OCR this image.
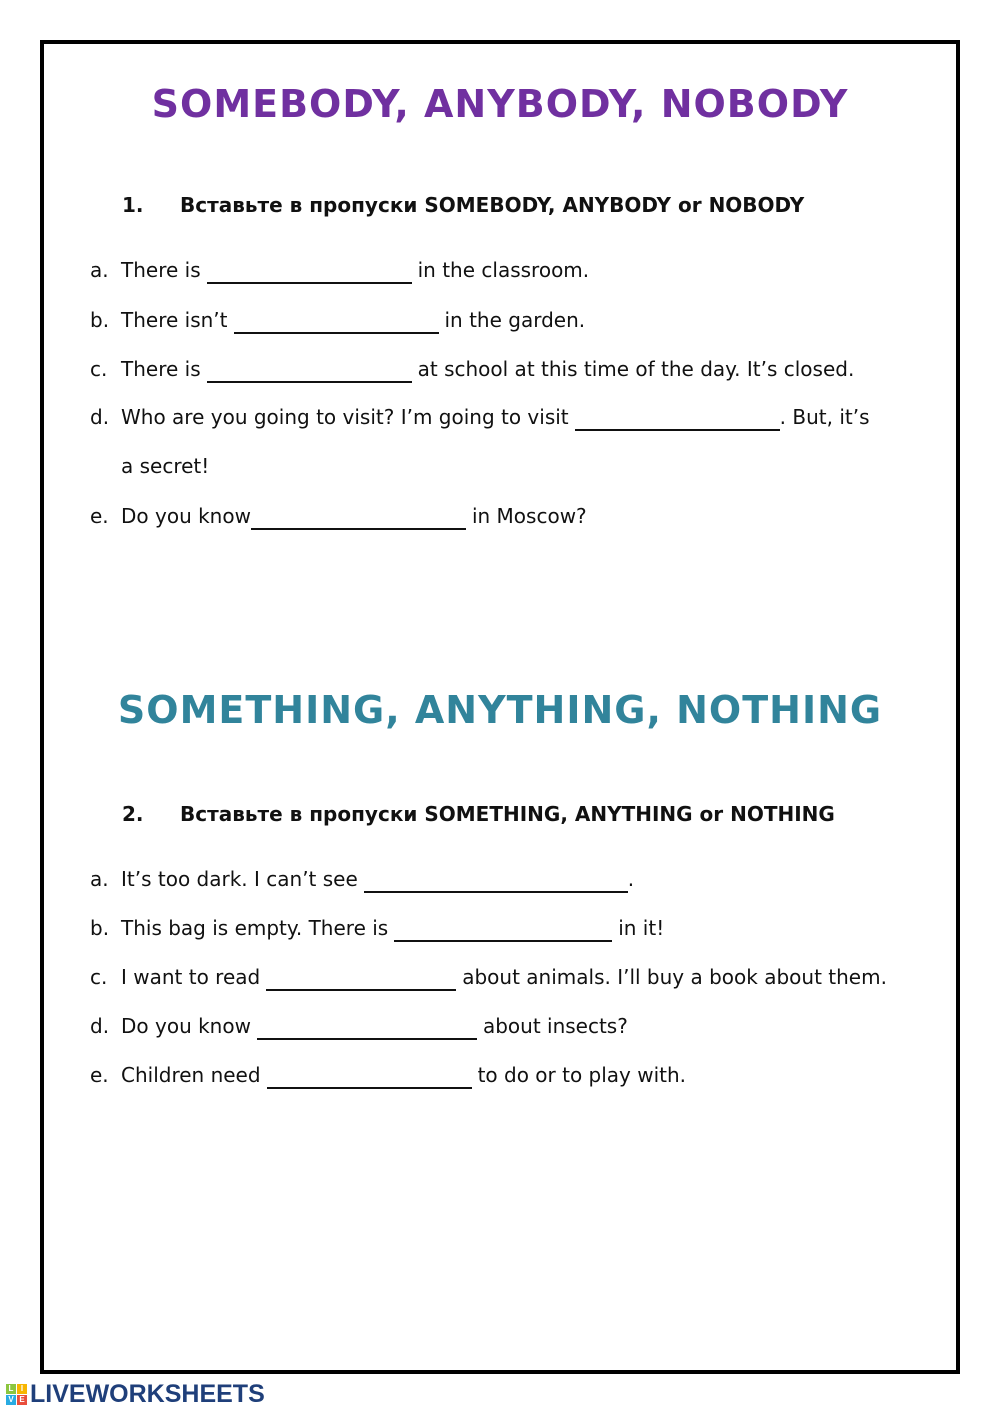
SOMEBODY, ANYBODY, NOBODY
1. Вставьте в пропуски SOMEBODY, ANYBODY or NOBODY
a. There is	in the classroom.
b. There isn’t	in the garden.
c. There is	at school at this time of the day. It’s closed.
d. Who are you going to visit? I’m going to visit	. But, it’s
a secret!
e. Do you know	in Moscow?
SOMETHING, ANYTHING, NOTHING
2. Вставьте в пропуски SOMETHING, ANYTHING or NOTHING
a. It’s too dark. I can’t see	.
b. This bag is empty. There is	in it!
c. I want to read	about animals. I’ll buy a book about them.
d. Do you know	about insects?
e. Children need	to do or to play with.
L I
V E LIVEWORKSHEETS
